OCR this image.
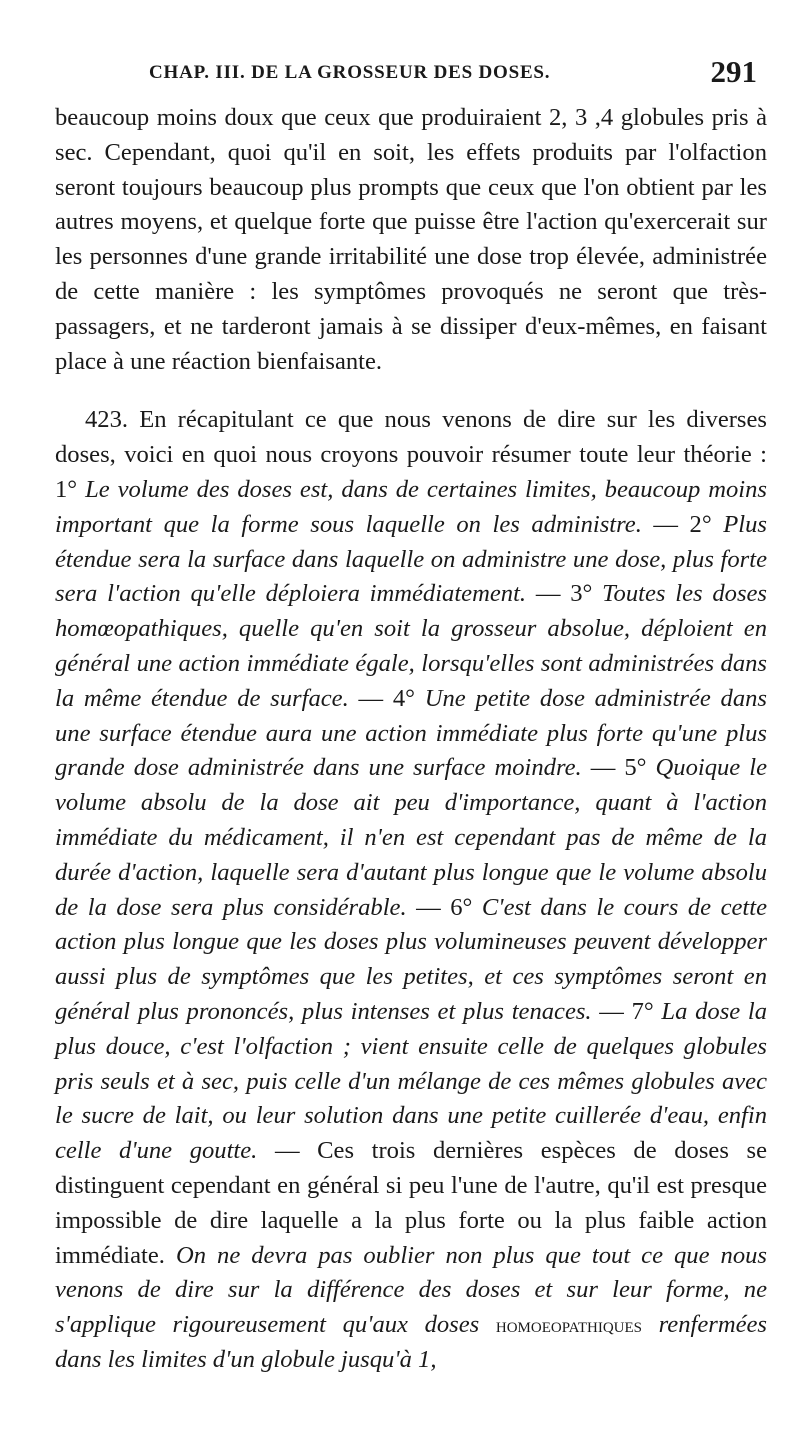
CHAP. III. DE LA GROSSEUR DES DOSES.	291

beaucoup moins doux que ceux que produiraient 2, 3 ,4 globules pris à sec. Cependant, quoi qu'il en soit, les effets produits par l'olfaction seront toujours beaucoup plus prompts que ceux que l'on obtient par les autres moyens, et quelque forte que puisse être l'action qu'exercerait sur les personnes d'une grande irritabilité une dose trop élevée, administrée de cette manière : les symptômes provoqués ne seront que très-passagers, et ne tarderont jamais à se dissiper d'eux-mêmes, en faisant place à une réaction bienfaisante.

423. En récapitulant ce que nous venons de dire sur les diverses doses, voici en quoi nous croyons pouvoir résumer toute leur théorie : 1° Le volume des doses est, dans de certaines limites, beaucoup moins important que la forme sous laquelle on les administre. — 2° Plus étendue sera la surface dans laquelle on administre une dose, plus forte sera l'action qu'elle déploiera immédiatement. — 3° Toutes les doses homœopathiques, quelle qu'en soit la grosseur absolue, déploient en général une action immédiate égale, lorsqu'elles sont administrées dans la même étendue de surface. — 4° Une petite dose administrée dans une surface étendue aura une action immédiate plus forte qu'une plus grande dose administrée dans une surface moindre. — 5° Quoique le volume absolu de la dose ait peu d'importance, quant à l'action immédiate du médicament, il n'en est cependant pas de même de la durée d'action, laquelle sera d'autant plus longue que le volume absolu de la dose sera plus considérable. — 6° C'est dans le cours de cette action plus longue que les doses plus volumineuses peuvent développer aussi plus de symptômes que les petites, et ces symptômes seront en général plus prononcés, plus intenses et plus tenaces. — 7° La dose la plus douce, c'est l'olfaction ; vient ensuite celle de quelques globules pris seuls et à sec, puis celle d'un mélange de ces mêmes globules avec le sucre de lait, ou leur solution dans une petite cuillerée d'eau, enfin celle d'une goutte. — Ces trois dernières espèces de doses se distinguent cependant en général si peu l'une de l'autre, qu'il est presque impossible de dire laquelle a la plus forte ou la plus faible action immédiate. On ne devra pas oublier non plus que tout ce que nous venons de dire sur la différence des doses et sur leur forme, ne s'applique rigoureusement qu'aux doses homoeopathiques renfermées dans les limites d'un globule jusqu'à 1,
